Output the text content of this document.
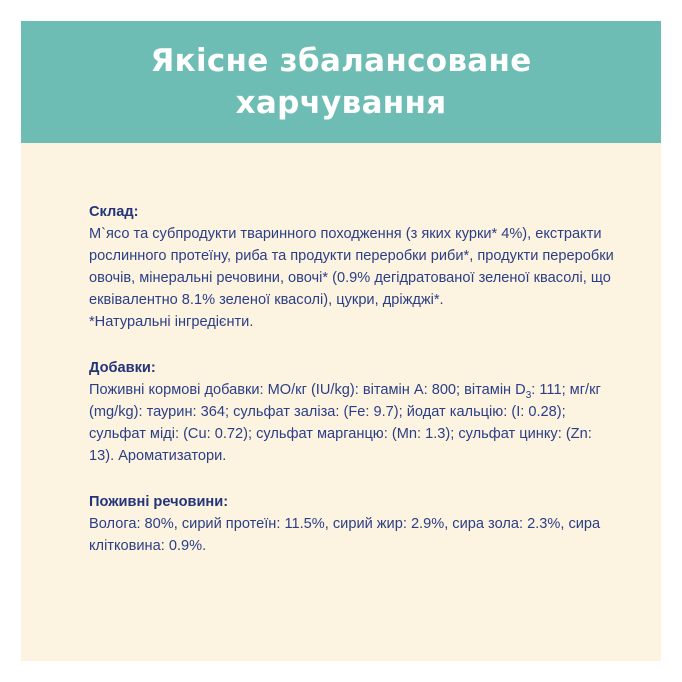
Якісне збалансоване харчування

Склад:

М`ясо та субпродукти тваринного походження (з яких курки* 4%), екстракти рослинного протеїну, риба та продукти переробки риби*, продукти переробки овочів, мінеральні речовини, овочі* (0.9% дегідратованої зеленої квасолі, що еквівалентно 8.1% зеленої квасолі), цукри, дріжджі*.

*Натуральні інгредієнти.

Добавки:

Поживні кормові добавки: МО/кг (IU/kg): вітамін А: 800; вітамін $D_3$: 111; мг/кг (mg/kg): таурин: 364; сульфат заліза: (Fe: 9.7); йодат кальцію: (I: 0.28); сульфат міді: (Cu: 0.72); сульфат марганцю: (Mn: 1.3); сульфат цинку: (Zn: 13). Ароматизатори.

Поживні речовини:

Волога: 80%, сирий протеїн: 11.5%, сирий жир: 2.9%, сира зола: 2.3%, сира клітковина: 0.9%.
